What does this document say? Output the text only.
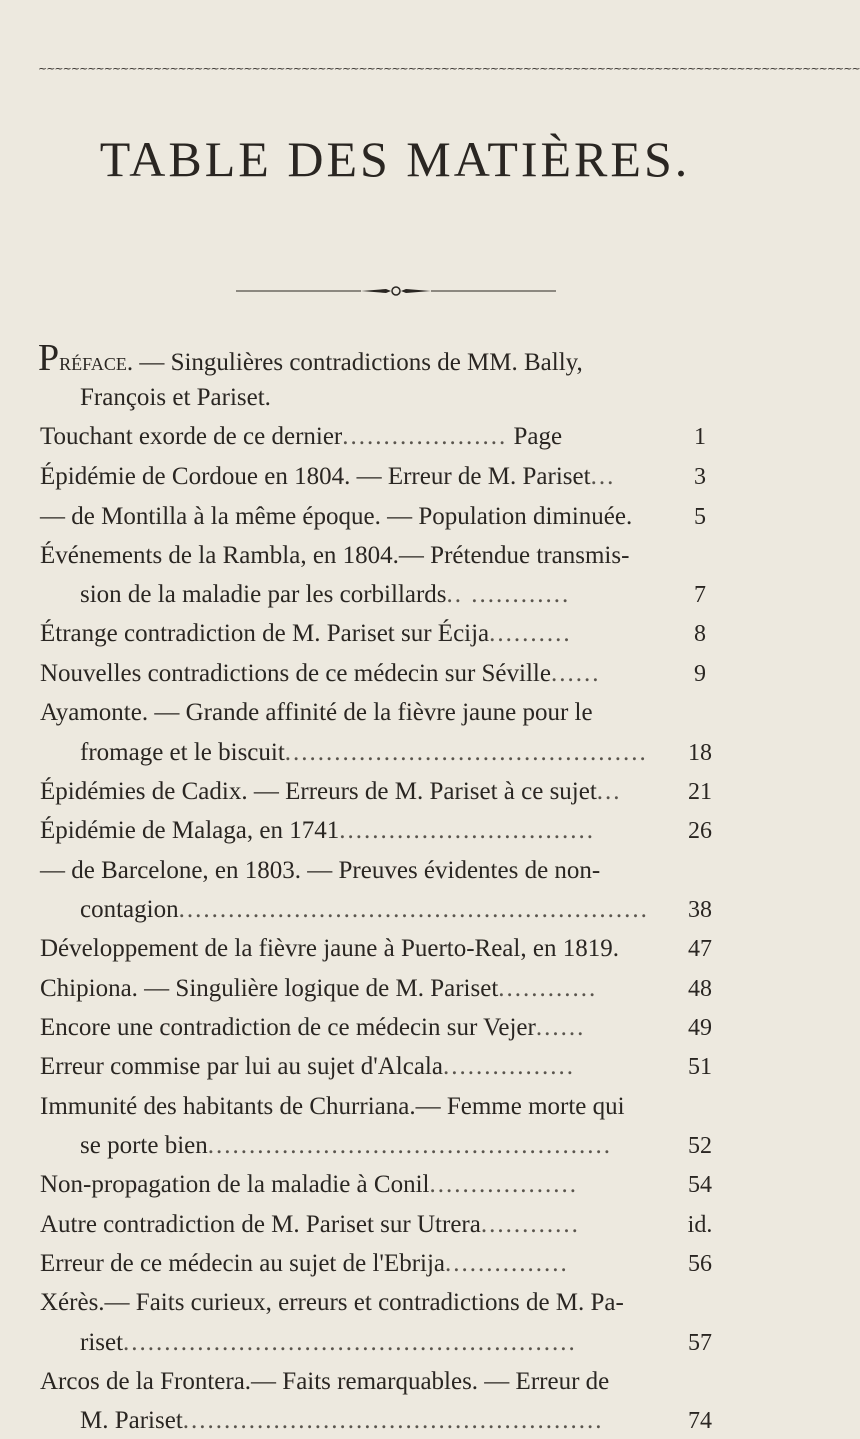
~~~~~~~~~~~~~~~~~~~~~~~~~~~~~~~~~~~~~~~~~~~~~~~~~~~~~~~~~~~~~~~~~~~~~~~~~~~~~~~~~~~~~~~~~~~~~~~~~~~~
TABLE DES MATIÈRES.
Préface. — Singulières contradictions de MM. Bally,
François et Pariset.
Touchant exorde de ce dernier.................... Page	1
Épidémie de Cordoue en 1804. — Erreur de M. Pariset...	3
— de Montilla à la même époque. — Population diminuée.	5
Événements de la Rambla, en 1804.— Prétendue transmis-
sion de la maladie par les corbillards.. ............	7
Étrange contradiction de M. Pariset sur Écija..........	8
Nouvelles contradictions de ce médecin sur Séville......	9
Ayamonte. — Grande affinité de la fièvre jaune pour le
fromage et le biscuit............................................	18
Épidémies de Cadix. — Erreurs de M. Pariset à ce sujet...	21
Épidémie de Malaga, en 1741...............................	26
— de Barcelone, en 1803. — Preuves évidentes de non-
contagion.........................................................	38
Développement de la fièvre jaune à Puerto-Real, en 1819.	47
Chipiona. — Singulière logique de M. Pariset............	48
Encore une contradiction de ce médecin sur Vejer......	49
Erreur commise par lui au sujet d'Alcala................	51
Immunité des habitants de Churriana.— Femme morte qui
se porte bien.................................................	52
Non-propagation de la maladie à Conil..................	54
Autre contradiction de M. Pariset sur Utrera............	id.
Erreur de ce médecin au sujet de l'Ebrija...............	56
Xérès.— Faits curieux, erreurs et contradictions de M. Pa-
riset.......................................................	57
Arcos de la Frontera.— Faits remarquables. — Erreur de
M. Pariset...................................................	74
